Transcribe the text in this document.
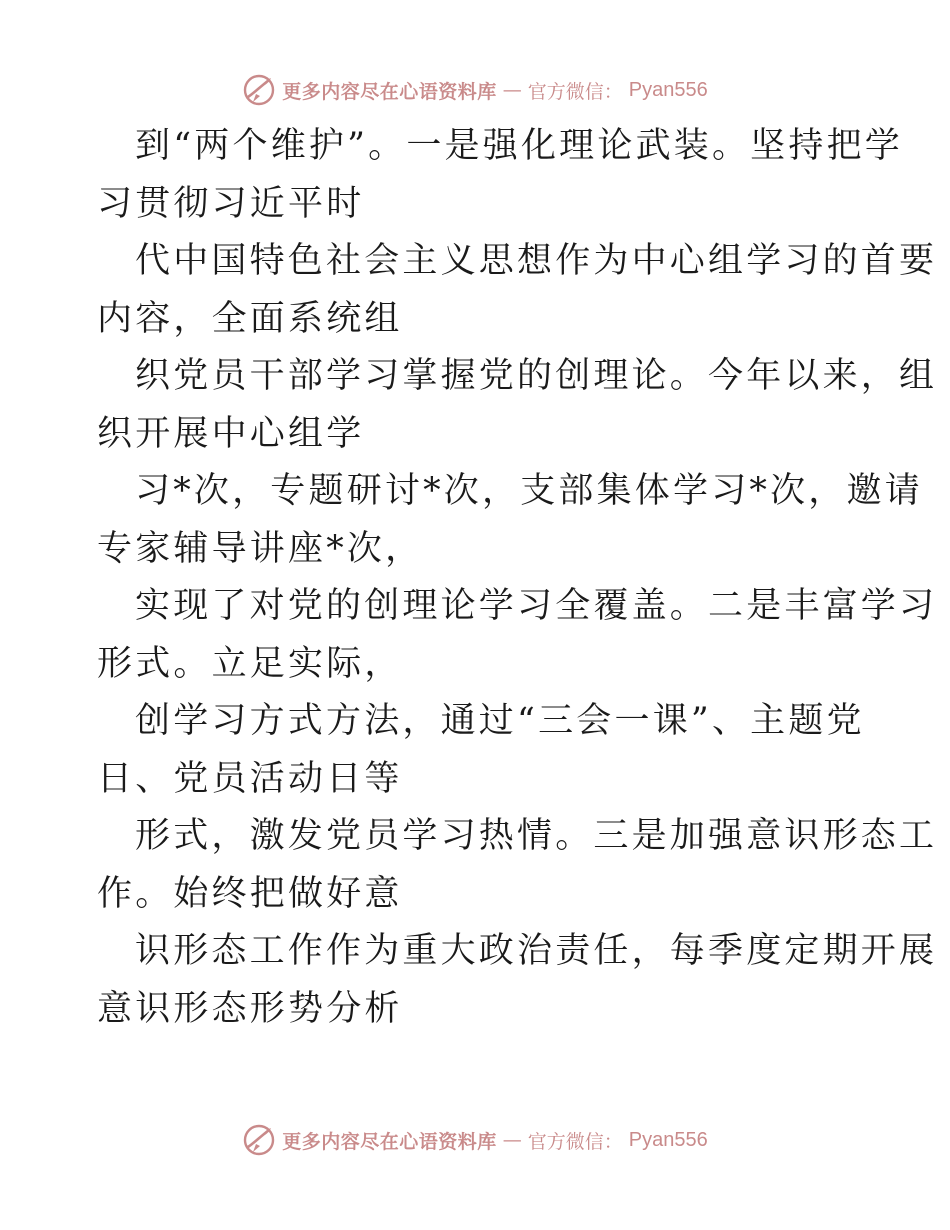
更多内容尽在心语资料库 — 官方微信： Pyan556
到“两个维护”。一是强化理论武装。坚持把学
习贯彻习近平时
代中国特色社会主义思想作为中心组学习的首要
内容，全面系统组
织党员干部学习掌握党的创理论。今年以来，组
织开展中心组学
习*次，专题研讨*次，支部集体学习*次，邀请
专家辅导讲座*次，
实现了对党的创理论学习全覆盖。二是丰富学习
形式。立足实际，
创学习方式方法，通过“三会一课”、主题党
日、党员活动日等
形式，激发党员学习热情。三是加强意识形态工
作。始终把做好意
识形态工作作为重大政治责任，每季度定期开展
意识形态形势分析
更多内容尽在心语资料库 — 官方微信： Pyan556
